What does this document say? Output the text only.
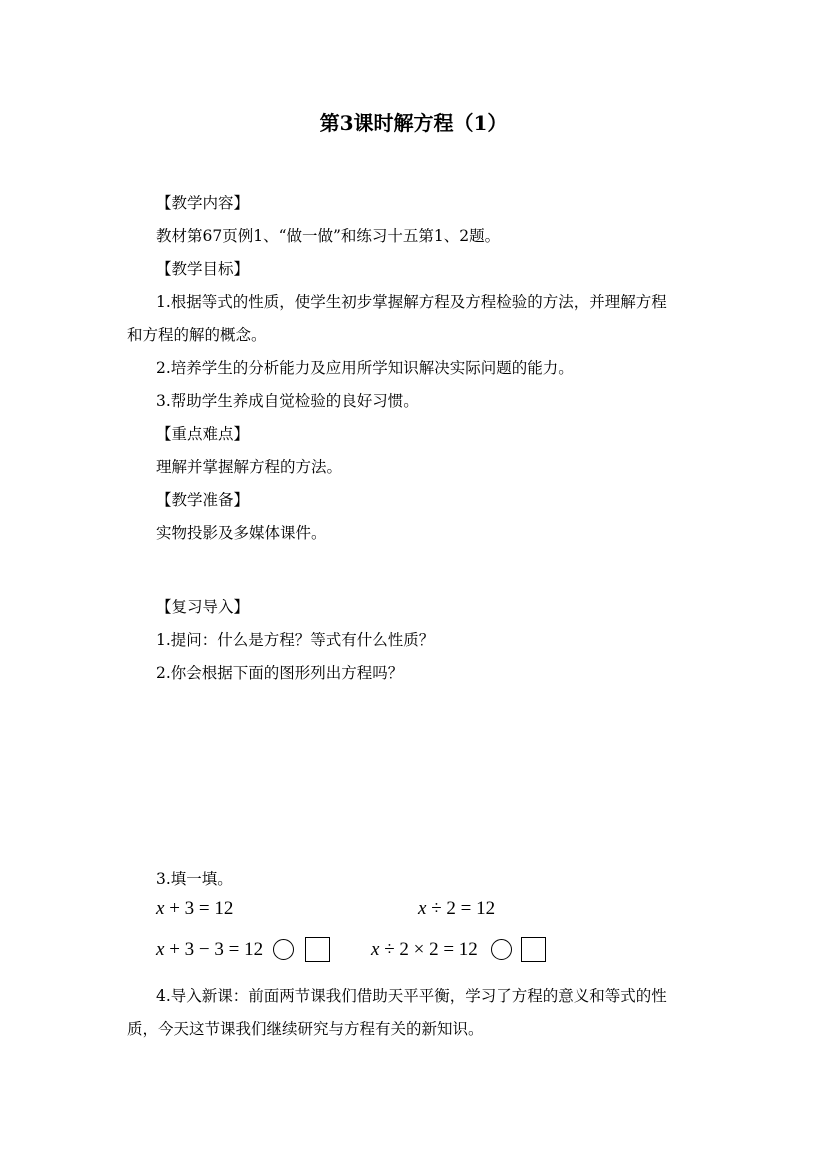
第3课时解方程（1）
【教学内容】
教材第67页例1、“做一做”和练习十五第1、2题。
【教学目标】
1.根据等式的性质，使学生初步掌握解方程及方程检验的方法，并理解方程
和方程的解的概念。
2.培养学生的分析能力及应用所学知识解决实际问题的能力。
3.帮助学生养成自觉检验的良好习惯。
【重点难点】
理解并掌握解方程的方法。
【教学准备】
实物投影及多媒体课件。
【复习导入】
1.提问：什么是方程？等式有什么性质？
2.你会根据下面的图形列出方程吗？
3.填一填。
x + 3 = 12	x ÷ 2 = 12
x + 3 − 3 = 12	x ÷ 2 × 2 = 12
4.导入新课：前面两节课我们借助天平平衡，学习了方程的意义和等式的性
质，今天这节课我们继续研究与方程有关的新知识。
